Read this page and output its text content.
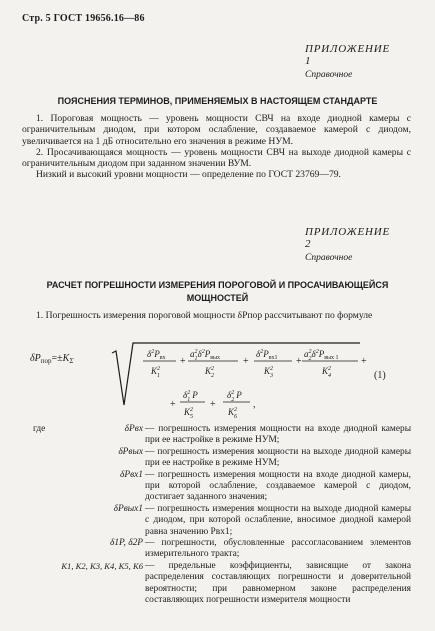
Стр. 5 ГОСТ 19656.16—86
ПРИЛОЖЕНИЕ 1
Справочное
ПОЯСНЕНИЯ ТЕРМИНОВ, ПРИМЕНЯЕМЫХ В НАСТОЯЩЕМ СТАНДАРТЕ

1. Пороговая мощность — уровень мощности СВЧ на входе диодной камеры с ограничительным диодом, при котором ослабление, создаваемое камерой с диодом, увеличивается на 1 дБ относительно его значения в режиме НУМ.

2. Просачивающаяся мощность — уровень мощности СВЧ на выходе диодной камеры с ограничительным диодом при заданном значении ВУМ.

Низкий и высокий уровни мощности — определение по ГОСТ 23769—79.

ПРИЛОЖЕНИЕ 2
Справочное
РАСЧЕТ ПОГРЕШНОСТИ ИЗМЕРЕНИЯ ПОРОГОВОЙ И ПРОСАЧИВАЮЩЕЙСЯ
МОЩНОСТЕЙ

1. Погрешность измерения пороговой мощности δPпор рассчитывают по формуле

$\delta P_{пор}=\pm K_\Sigma$
$\delta^2P_{вх}$
$K^2$ 1
+
$a^2$ $1\delta^2P_{вых}$
$K^2$ 2
+
$\delta^2P_{вх1}$
$K^2$ 3
+
$a^2$ $2\delta^2P_{вых 1}$
$K^2$ 4
+
(1)
+
$\delta^2$ 1 P
$K^2$ 5
+
$\delta^2$ 2 P
$K^2$ 6
,
где	δPвх — погрешность измерения мощности на входе диодной камеры при ее настройке в режиме НУМ;
δPвых — погрешность измерения мощности на выходе диодной камеры при ее настройке в режиме НУМ;
δPвх1 — погрешность измерения мощности на входе диодной камеры, при которой ослабление, создаваемое камерой с диодом, достигает заданного значения;
δPвых1 — погрешность измерения мощности на выходе диодной камеры с диодом, при которой ослабление, вносимое диодной камерой равна значению Pвх1;
δ1P, δ2P — погрешности, обусловленные рассогласованием элементов измерительного тракта;
K1, K2, K3, K4, K5, K6 — предельные коэффициенты, зависящие от закона распределения составляющих погрешности и доверительной вероятности; при равномерном законе распределения составляющих погрешности измерителя мощности
